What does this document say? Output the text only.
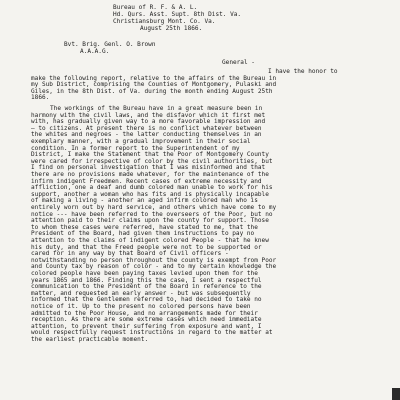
Bureau of R. F. & A. L.

Hd. Qurs. Asst. Supt. 8th Dist. Va.

Christiansburg Mont. Co. Va.

August 25th 1866.

Bvt. Brig. Genl. O. Brown

A.A.A.G.

General -

I have the honor to

make the following report, relative to the affairs of the Bureau in

my Sub District, comprising the Counties of Montgomery, Pulaski and

Giles, in the 8th Dist. of Va. during the month ending August 25th

1866.

The workings of the Bureau have in a great measure been in

harmony with the civil laws, and the disfavor which it first met

with, has gradually given way to a more favorable impression and

— to citizens. At present there is no conflict whatever between

the whites and negroes - the latter conducting themselves in an

exemplary manner, with a gradual improvement in their social

condition. In a former report to the Superintendent of my

District, I make the Statement that the Poor of Montgomery County

were cared for irrespective of color by the civil authorities, but

I find on personal investigation that I was misinformed and that

there are no provisions made whatever, for the maintenance of the

infirm indigent Freedmen. Recent cases of extreme necessity and

affliction, one a deaf and dumb colored man unable to work for his

support, another a woman who has fits and is physically incapable

of making a living - another an aged infirm colored man who is

entirely worn out by hard service, and others which have come to my

notice --- have been referred to the overseers of the Poor, but no

attention paid to their claims upon the county for support. Those

to whom these cases were referred, have stated to me, that the

President of the Board, had given them instructions to pay no

attention to the claims of indigent colored People - that he knew

his duty, and that the Freed people were not to be supported or

cared for in any way by that Board of Civil officers -

notwithstanding no person throughout the county is exempt from Poor

and County tax by reason of color - and to my certain knowledge the

colored people have been paying taxes levied upon them for the

years 1865 and 1866. Finding this the case, I sent a respectful

communication to the President of the Board in reference to the

matter, and requested an early answer - but was subsequently

informed that the Gentlemen referred to, had decided to take no

notice of it. Up to the present no colored persons have been

admitted to the Poor House, and no arrangements made for their

reception. As there are some extreme cases which need immediate

attention, to prevent their suffering from exposure and want, I

would respectfully request instructions in regard to the matter at

the earliest practicable moment.
